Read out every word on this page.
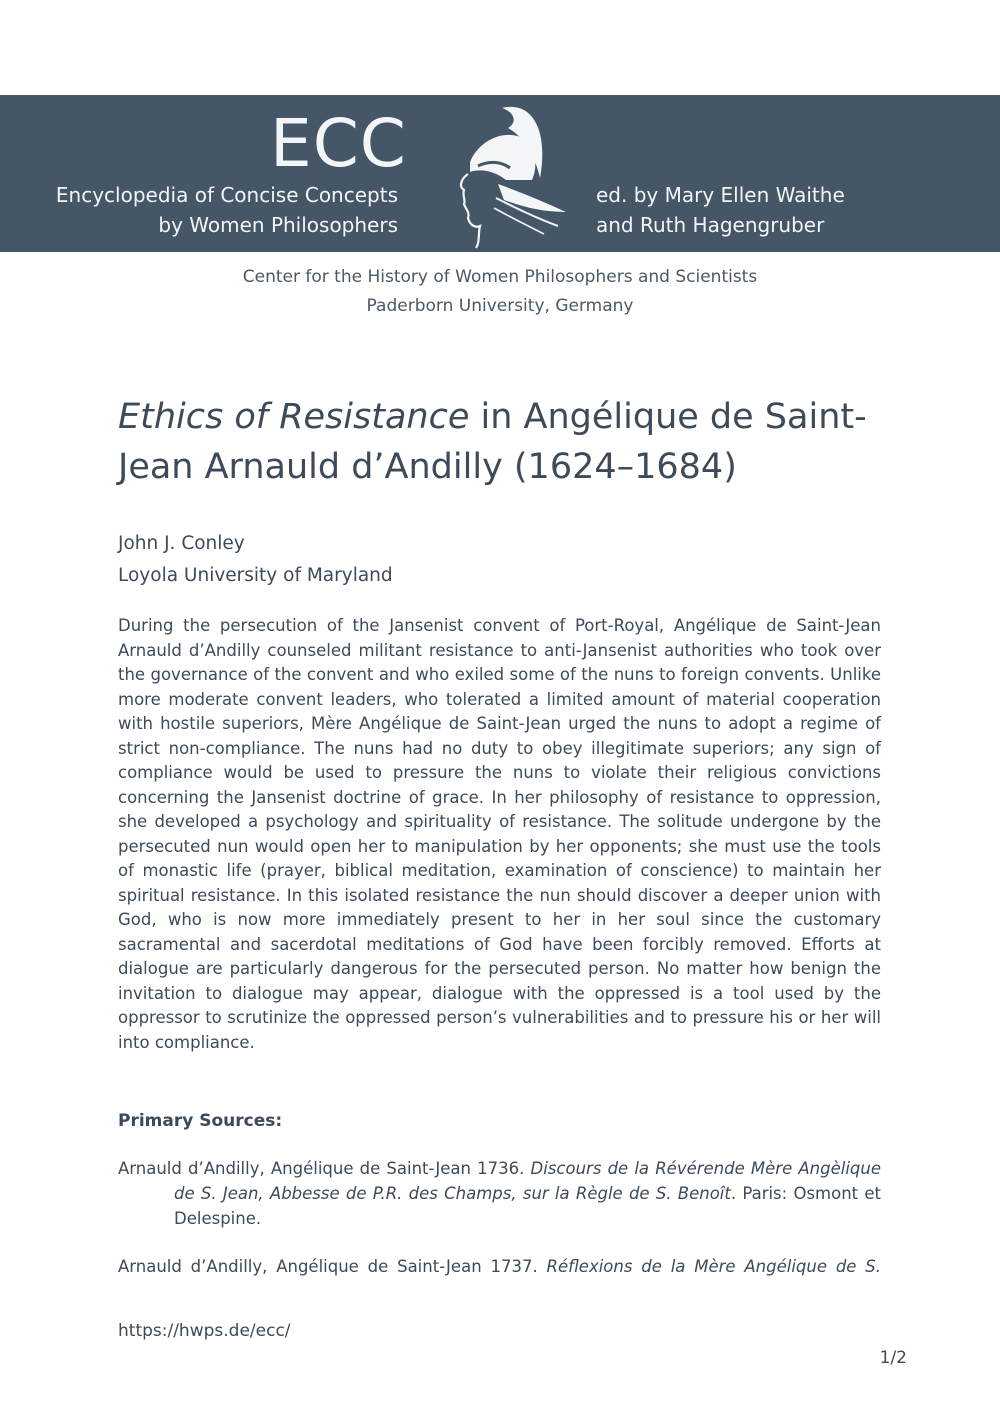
ECC
Encyclopedia of Concise Concepts
by Women Philosophers
ed. by Mary Ellen Waithe
and Ruth Hagengruber
Center for the History of Women Philosophers and Scientists
Paderborn University, Germany
Ethics of Resistance in Angélique de Saint-Jean Arnauld d’Andilly (1624–1684)
John J. Conley
Loyola University of Maryland

During the persecution of the Jansenist convent of Port-Royal, Angélique de Saint-Jean Arnauld d’Andilly counseled militant resistance to anti-Jansenist authorities who took over the governance of the convent and who exiled some of the nuns to foreign convents. Unlike more moderate convent leaders, who tolerated a limited amount of material cooperation with hostile superiors, Mère Angélique de Saint-Jean urged the nuns to adopt a regime of strict non-compliance. The nuns had no duty to obey illegitimate superiors; any sign of compliance would be used to pressure the nuns to violate their religious convictions concerning the Jansenist doctrine of grace. In her philosophy of resistance to oppression, she developed a psychology and spirituality of resistance. The solitude undergone by the persecuted nun would open her to manipulation by her opponents; she must use the tools of monastic life (prayer, biblical meditation, examination of conscience) to maintain her spiritual resistance. In this isolated resistance the nun should discover a deeper union with God, who is now more immediately present to her in her soul since the customary sacramental and sacerdotal meditations of God have been forcibly removed. Efforts at dialogue are particularly dangerous for the persecuted person. No matter how benign the invitation to dialogue may appear, dialogue with the oppressed is a tool used by the oppressor to scrutinize the oppressed person’s vulnerabilities and to pressure his or her will into compliance.

Primary Sources:

Arnauld d’Andilly, Angélique de Saint-Jean 1736. Discours de la Révérende Mère Angèlique de S. Jean, Abbesse de P.R. des Champs, sur la Règle de S. Benoît. Paris: Osmont et Delespine.

Arnauld d’Andilly, Angélique de Saint-Jean 1737. Réflexions de la Mère Angélique de S.

https://hwps.de/ecc/
1/2
